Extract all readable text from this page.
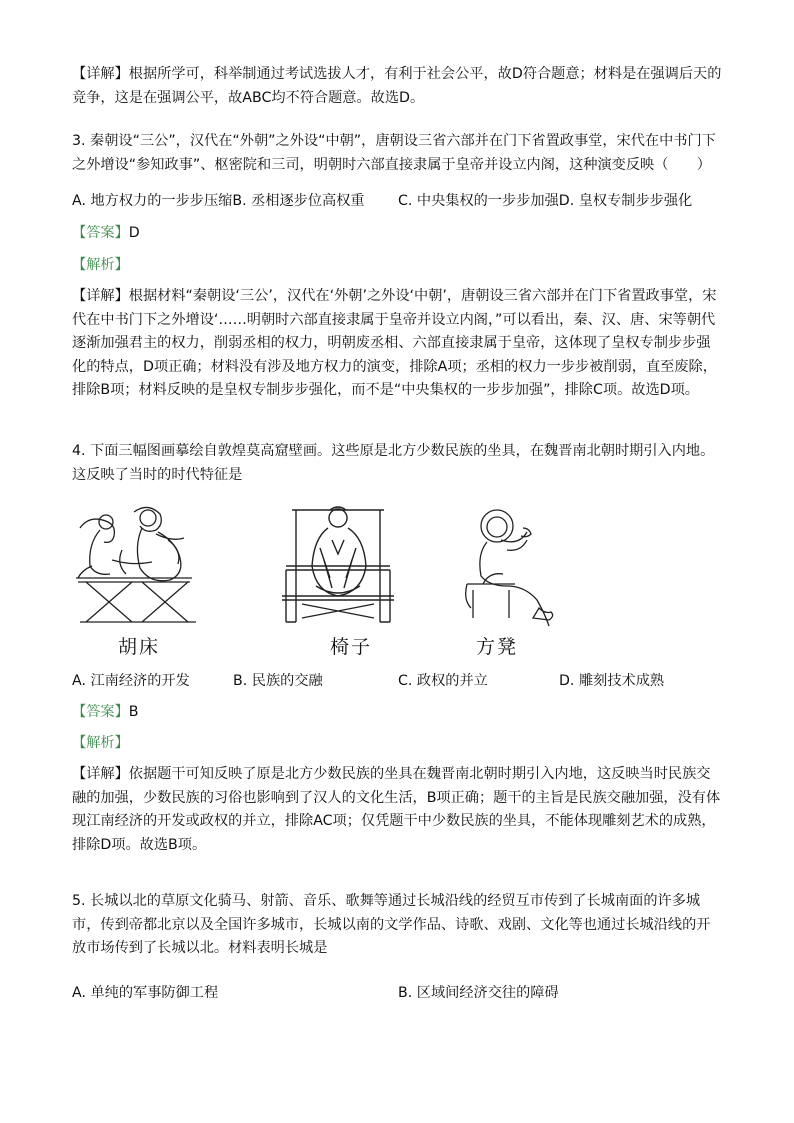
【详解】根据所学可，科举制通过考试选拔人才，有利于社会公平，故D符合题意；材料是在强调后天的竞争，这是在强调公平，故ABC均不符合题意。故选D。
3. 秦朝设“三公”，汉代在“外朝”之外设“中朝”，唐朝设三省六部并在门下省置政事堂，宋代在中书门下之外增设“参知政事”、枢密院和三司，明朝时六部直接隶属于皇帝并设立内阁，这种演变反映（　　）
A. 地方权力的一步步压缩B. 丞相逐步位高权重 C. 中央集权的一步步加强D. 皇权专制步步强化
【答案】D
【解析】
【详解】根据材料“秦朝设‘三公’，汉代在‘外朝’之外设‘中朝’，唐朝设三省六部并在门下省置政事堂，宋代在中书门下之外增设‘……明朝时六部直接隶属于皇帝并设立内阁，”可以看出，秦、汉、唐、宋等朝代逐渐加强君主的权力，削弱丞相的权力，明朝废丞相、六部直接隶属于皇帝，这体现了皇权专制步步强化的特点，D项正确；材料没有涉及地方权力的演变，排除A项；丞相的权力一步步被削弱，直至废除，排除B项；材料反映的是皇权专制步步强化，而不是“中央集权的一步步加强”，排除C项。故选D项。
4. 下面三幅图画摹绘自敦煌莫高窟壁画。这些原是北方少数民族的坐具，在魏晋南北朝时期引入内地。这反映了当时的时代特征是
胡床	椅子	方凳
A. 江南经济的开发	B. 民族的交融	C. 政权的并立	D. 雕刻技术成熟
【答案】B
【解析】
【详解】依据题干可知反映了原是北方少数民族的坐具在魏晋南北朝时期引入内地，这反映当时民族交融的加强，少数民族的习俗也影响到了汉人的文化生活，B项正确；题干的主旨是民族交融加强，没有体现江南经济的开发或政权的并立，排除AC项；仅凭题干中少数民族的坐具，不能体现雕刻艺术的成熟，排除D项。故选B项。
5. 长城以北的草原文化骑马、射箭、音乐、歌舞等通过长城沿线的经贸互市传到了长城南面的许多城市，传到帝都北京以及全国许多城市，长城以南的文学作品、诗歌、戏剧、文化等也通过长城沿线的开放市场传到了长城以北。材料表明长城是
A. 单纯的军事防御工程	B. 区域间经济交往的障碍
